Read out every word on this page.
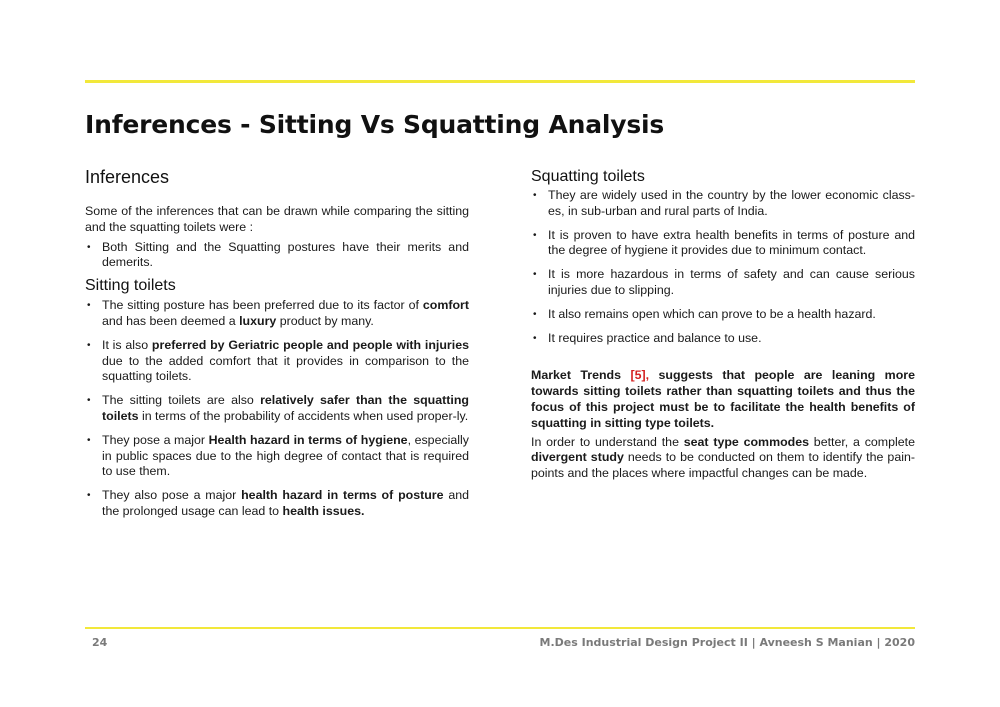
Inferences - Sitting Vs Squatting Analysis
Inferences

Some of the inferences that can be drawn while comparing the sitting and the squatting toilets were :

• Both Sitting and the Squatting postures have their merits and demerits.
Sitting toilets
• The sitting posture has been preferred due to its factor of comfort and has been deemed a luxury product by many.
• It is also preferred by Geriatric people and people with injuries due to the added comfort that it provides in comparison to the squatting toilets.
• The sitting toilets are also relatively safer than the squatting toilets in terms of the probability of accidents when used proper-ly.
• They pose a major Health hazard in terms of hygiene, especially in public spaces due to the high degree of contact that is required to use them.
• They also pose a major health hazard in terms of posture and the prolonged usage can lead to health issues.
Squatting toilets
• They are widely used in the country by the lower economic class-es, in sub-urban and rural parts of India.
• It is proven to have extra health benefits in terms of posture and the degree of hygiene it provides due to minimum contact.
• It is more hazardous in terms of safety and can cause serious injuries due to slipping.
• It also remains open which can prove to be a health hazard.
• It requires practice and balance to use.

Market Trends [5], suggests that people are leaning more towards sitting toilets rather than squatting toilets and thus the focus of this project must be to facilitate the health benefits of squatting in sitting type toilets.

In order to understand the seat type commodes better, a complete divergent study needs to be conducted on them to identify the pain-points and the places where impactful changes can be made.

24	M.Des Industrial Design Project II | Avneesh S Manian | 2020
